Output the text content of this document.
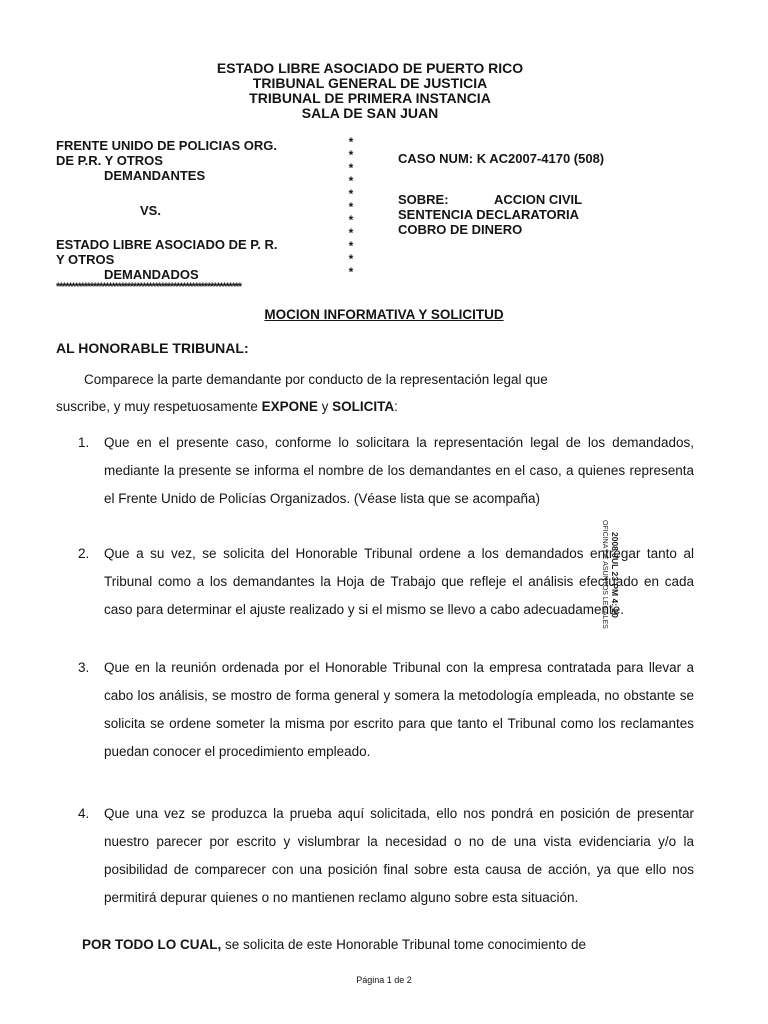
ESTADO LIBRE ASOCIADO DE PUERTO RICO
TRIBUNAL GENERAL DE JUSTICIA
TRIBUNAL DE PRIMERA INSTANCIA
SALA DE SAN JUAN
FRENTE UNIDO DE POLICIAS ORG.
DE P.R. Y OTROS
DEMANDANTES
VS.
ESTADO LIBRE ASOCIADO DE P. R.
Y OTROS
DEMANDADOS
*
*
*
*
*
*
*
*
*
*
*
CASO NUM: K AC2007-4170 (508)
SOBRE:	ACCION CIVIL
SENTENCIA DECLARATORIA
COBRO DE DINERO
************************************************************
MOCION INFORMATIVA Y SOLICITUD
AL HONORABLE TRIBUNAL:

Comparece la parte demandante por conducto de la representación legal que

suscribe, y muy respetuosamente EXPONE y SOLICITA:

1.	Que en el presente caso, conforme lo solicitara la representación legal de los demandados, mediante la presente se informa el nombre de los demandantes en el caso, a quienes representa el Frente Unido de Policías Organizados. (Véase lista que se acompaña)
2.	Que a su vez, se solicita del Honorable Tribunal ordene a los demandados entregar tanto al Tribunal como a los demandantes la Hoja de Trabajo que refleje el análisis efectuado en cada caso para determinar el ajuste realizado y si el mismo se llevo a cabo adecuadamente.
3.	Que en la reunión ordenada por el Honorable Tribunal con la empresa contratada para llevar a cabo los análisis, se mostro de forma general y somera la metodología empleada, no obstante se solicita se ordene someter la misma por escrito para que tanto el Tribunal como los reclamantes puedan conocer el procedimiento empleado.
4.	Que una vez se produzca la prueba aquí solicitada, ello nos pondrá en posición de presentar nuestro parecer por escrito y vislumbrar la necesidad o no de una vista evidenciaria y/o la posibilidad de comparecer con una posición final sobre esta causa de acción, ya que ello nos permitirá depurar quienes o no mantienen reclamo alguno sobre esta situación.
POR TODO LO CUAL, se solicita de este Honorable Tribunal tome conocimiento de
Página 1 de 2
OFICINA DE ASUNTOS LEGALES 2008 JUL 23 PM 4: 20
